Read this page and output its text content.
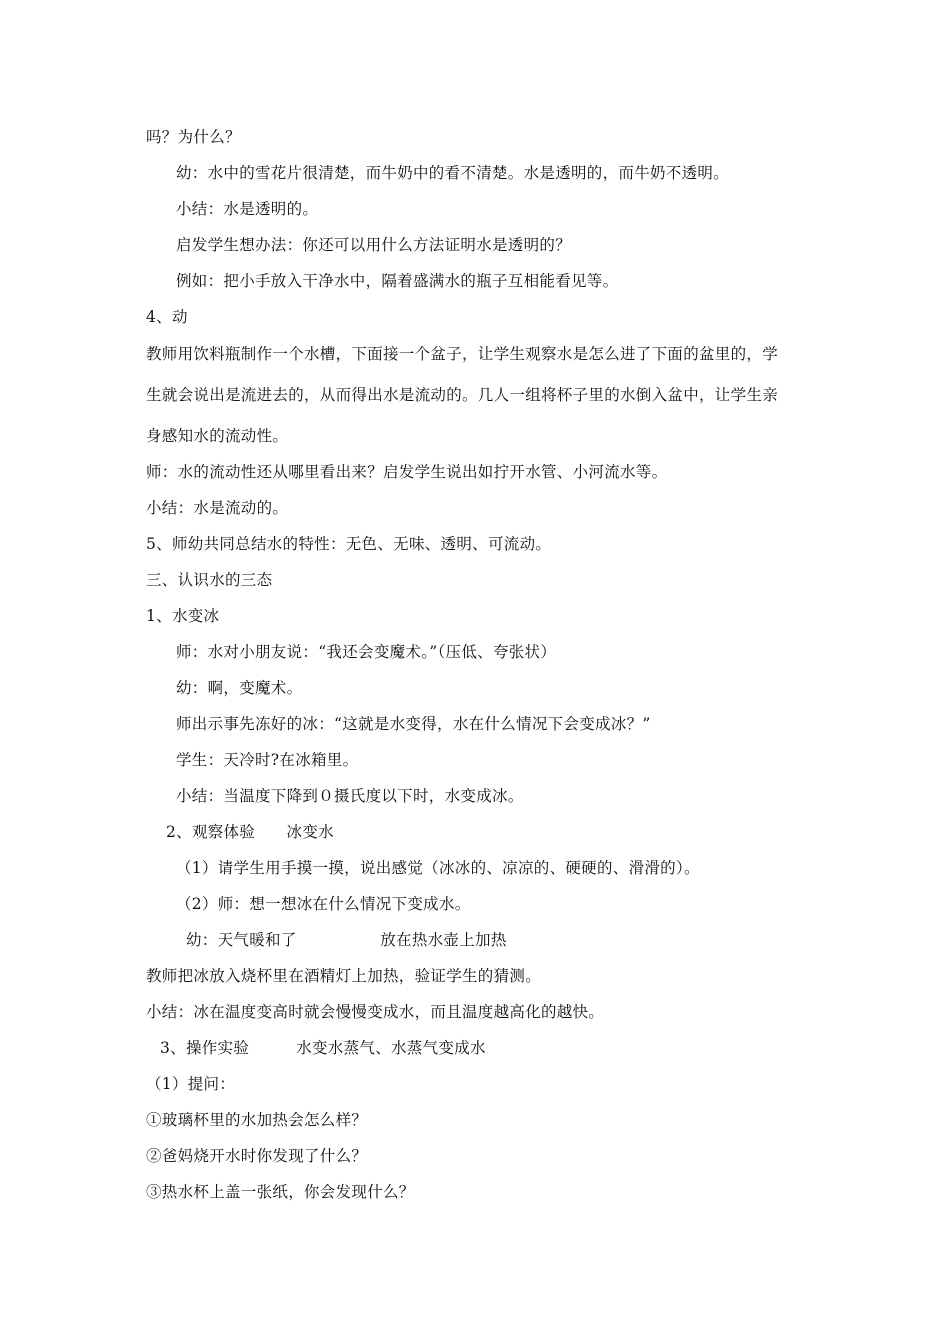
吗？为什么？
幼：水中的雪花片很清楚，而牛奶中的看不清楚。水是透明的，而牛奶不透明。
小结：水是透明的。
启发学生想办法：你还可以用什么方法证明水是透明的？
例如：把小手放入干净水中，隔着盛满水的瓶子互相能看见等。
4、动
教师用饮料瓶制作一个水槽，下面接一个盆子，让学生观察水是怎么进了下面的盆里的，学
生就会说出是流进去的，从而得出水是流动的。几人一组将杯子里的水倒入盆中，让学生亲
身感知水的流动性。
师：水的流动性还从哪里看出来？启发学生说出如拧开水管、小河流水等。
小结：水是流动的。
5、师幼共同总结水的特性：无色、无味、透明、可流动。
三、认识水的三态
1、水变冰
师：水对小朋友说：“我还会变魔术。”（压低、夸张状）
幼：啊，变魔术。
师出示事先冻好的冰：“这就是水变得，水在什么情况下会变成冰？”
学生：天冷时?在冰箱里。
小结：当温度下降到０摄氏度以下时，水变成冰。
2、观察体验      冰变水
（1）请学生用手摸一摸，说出感觉（冰冰的、凉凉的、硬硬的、滑滑的）。
（2）师：想一想冰在什么情况下变成水。
幼：天气暖和了                放在热水壶上加热
教师把冰放入烧杯里在酒精灯上加热，验证学生的猜测。
小结：冰在温度变高时就会慢慢变成水，而且温度越高化的越快。
3、操作实验         水变水蒸气、水蒸气变成水
（1）提问：
①玻璃杯里的水加热会怎么样？
②爸妈烧开水时你发现了什么？
③热水杯上盖一张纸，你会发现什么？
